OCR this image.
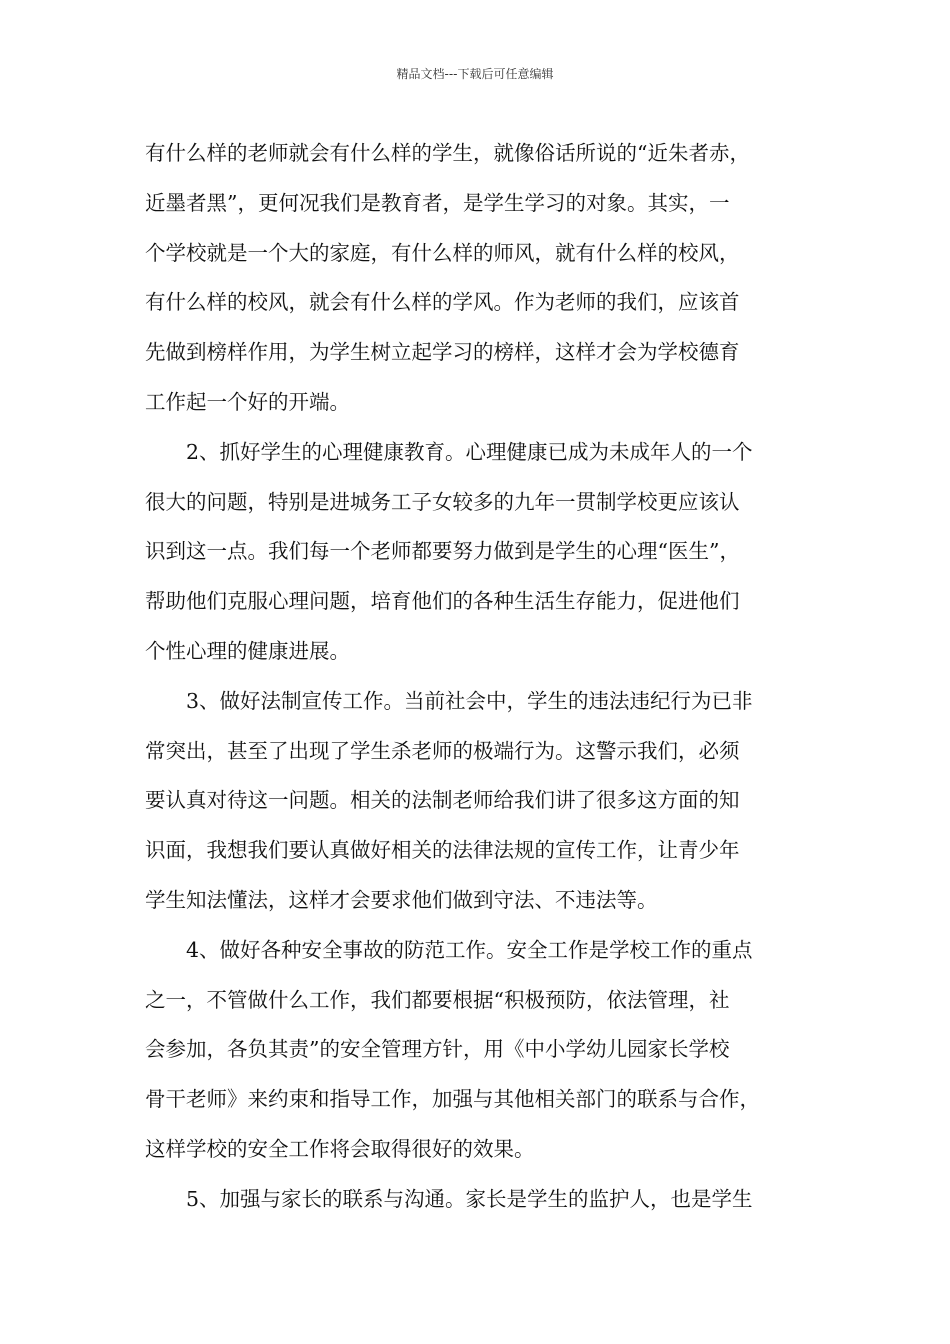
精品文档---下载后可任意编辑
有什么样的老师就会有什么样的学生，就像俗话所说的“近朱者赤，
近墨者黑”，更何况我们是教育者，是学生学习的对象。其实，一
个学校就是一个大的家庭，有什么样的师风，就有什么样的校风，
有什么样的校风，就会有什么样的学风。作为老师的我们，应该首
先做到榜样作用，为学生树立起学习的榜样，这样才会为学校德育
工作起一个好的开端。
2、抓好学生的心理健康教育。心理健康已成为未成年人的一个
很大的问题，特别是进城务工子女较多的九年一贯制学校更应该认
识到这一点。我们每一个老师都要努力做到是学生的心理“医生”，
帮助他们克服心理问题，培育他们的各种生活生存能力，促进他们
个性心理的健康进展。
3、做好法制宣传工作。当前社会中，学生的违法违纪行为已非
常突出，甚至了出现了学生杀老师的极端行为。这警示我们，必须
要认真对待这一问题。相关的法制老师给我们讲了很多这方面的知
识面，我想我们要认真做好相关的法律法规的宣传工作，让青少年
学生知法懂法，这样才会要求他们做到守法、不违法等。
4、做好各种安全事故的防范工作。安全工作是学校工作的重点
之一，不管做什么工作，我们都要根据“积极预防，依法管理，社
会参加，各负其责”的安全管理方针，用《中小学幼儿园家长学校
骨干老师》来约束和指导工作，加强与其他相关部门的联系与合作，
这样学校的安全工作将会取得很好的效果。
5、加强与家长的联系与沟通。家长是学生的监护人，也是学生
